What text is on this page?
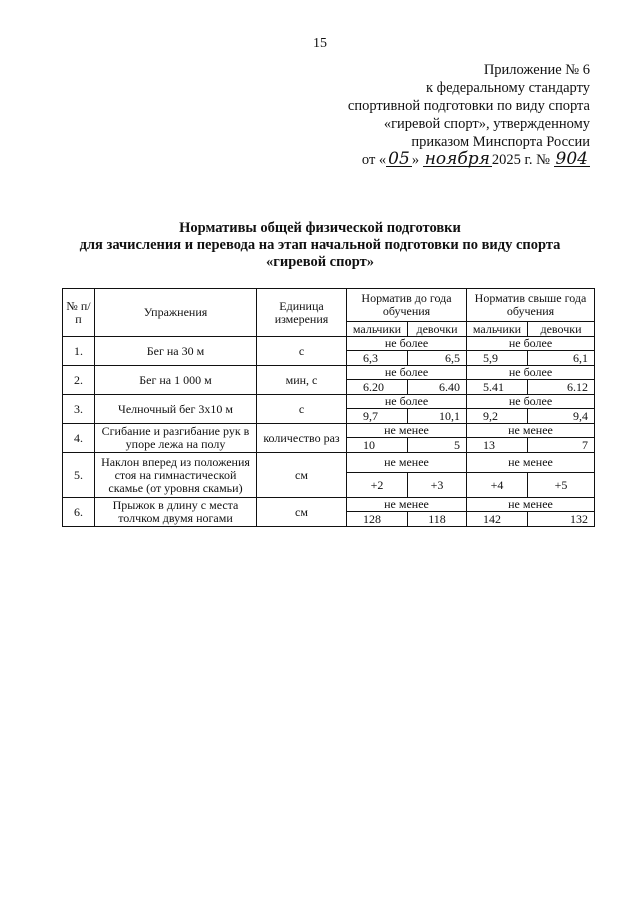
15
Приложение № 6
к федеральному стандарту
спортивной подготовки по виду спорта
«гиревой спорт», утвержденному
приказом Минспорта России
от « 05 » ноября 2025 г. № 904
Нормативы общей физической подготовки
для зачисления и перевода на этап начальной подготовки по виду спорта
«гиревой спорт»
№ п/п	Упражнения	Единица измерения	Норматив до года обучения		Норматив свыше года обучения	
			мальчики	девочки	мальчики	девочки
1.	Бег на 30 м	с	не более		не более	
			6,3	6,5	5,9	6,1
2.	Бег на 1 000 м	мин, с	не более		не более	
			6.20	6.40	5.41	6.12
3.	Челночный бег 3х10 м	с	не более		не более	
			9,7	10,1	9,2	9,4
4.	Сгибание и разгибание рук в упоре лежа на полу	количество раз	не менее		не менее	
			10	5	13	7
5.	Наклон вперед из положения стоя на гимнастической скамье (от уровня скамьи)	см	не менее		не менее	
			+2	+3	+4	+5
6.	Прыжок в длину с места толчком двумя ногами	см	не менее		не менее	
			128	118	142	132
